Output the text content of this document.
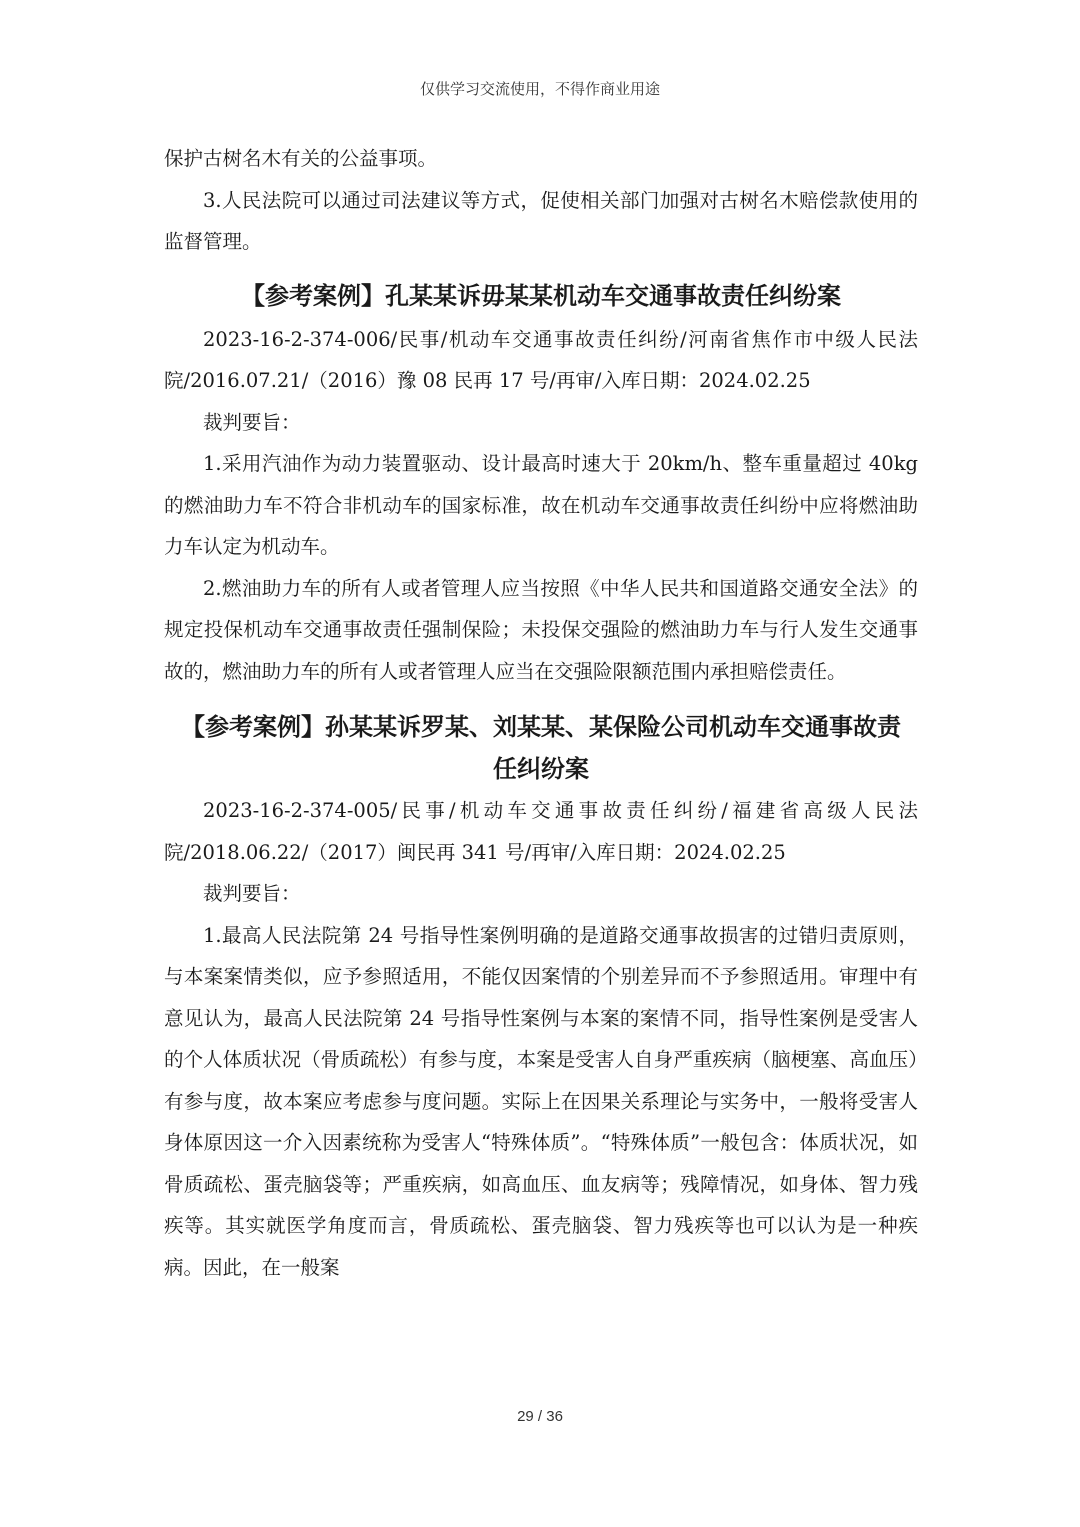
仅供学习交流使用，不得作商业用途

保护古树名木有关的公益事项。

3.人民法院可以通过司法建议等方式，促使相关部门加强对古树名木赔偿款使用的监督管理。

【参考案例】孔某某诉毋某某机动车交通事故责任纠纷案

2023-16-2-374-006/民事/机动车交通事故责任纠纷/河南省焦作市中级人民法院/2016.07.21/（2016）豫 08 民再 17 号/再审/入库日期：2024.02.25

裁判要旨：

1.采用汽油作为动力装置驱动、设计最高时速大于 20km/h、整车重量超过 40kg 的燃油助力车不符合非机动车的国家标准，故在机动车交通事故责任纠纷中应将燃油助力车认定为机动车。

2.燃油助力车的所有人或者管理人应当按照《中华人民共和国道路交通安全法》的规定投保机动车交通事故责任强制保险；未投保交强险的燃油助力车与行人发生交通事故的，燃油助力车的所有人或者管理人应当在交强险限额范围内承担赔偿责任。

【参考案例】孙某某诉罗某、刘某某、某保险公司机动车交通事故责
任纠纷案

2023-16-2-374-005/民事/机动车交通事故责任纠纷/福建省高级人民法院/2018.06.22/（2017）闽民再 341 号/再审/入库日期：2024.02.25

裁判要旨：

1.最高人民法院第 24 号指导性案例明确的是道路交通事故损害的过错归责原则，与本案案情类似，应予参照适用，不能仅因案情的个别差异而不予参照适用。审理中有意见认为，最高人民法院第 24 号指导性案例与本案的案情不同，指导性案例是受害人的个人体质状况（骨质疏松）有参与度，本案是受害人自身严重疾病（脑梗塞、高血压）有参与度，故本案应考虑参与度问题。实际上在因果关系理论与实务中，一般将受害人身体原因这一介入因素统称为受害人“特殊体质”。“特殊体质”一般包含：体质状况，如骨质疏松、蛋壳脑袋等；严重疾病，如高血压、血友病等；残障情况，如身体、智力残疾等。其实就医学角度而言，骨质疏松、蛋壳脑袋、智力残疾等也可以认为是一种疾病。因此，在一般案

29 / 36
